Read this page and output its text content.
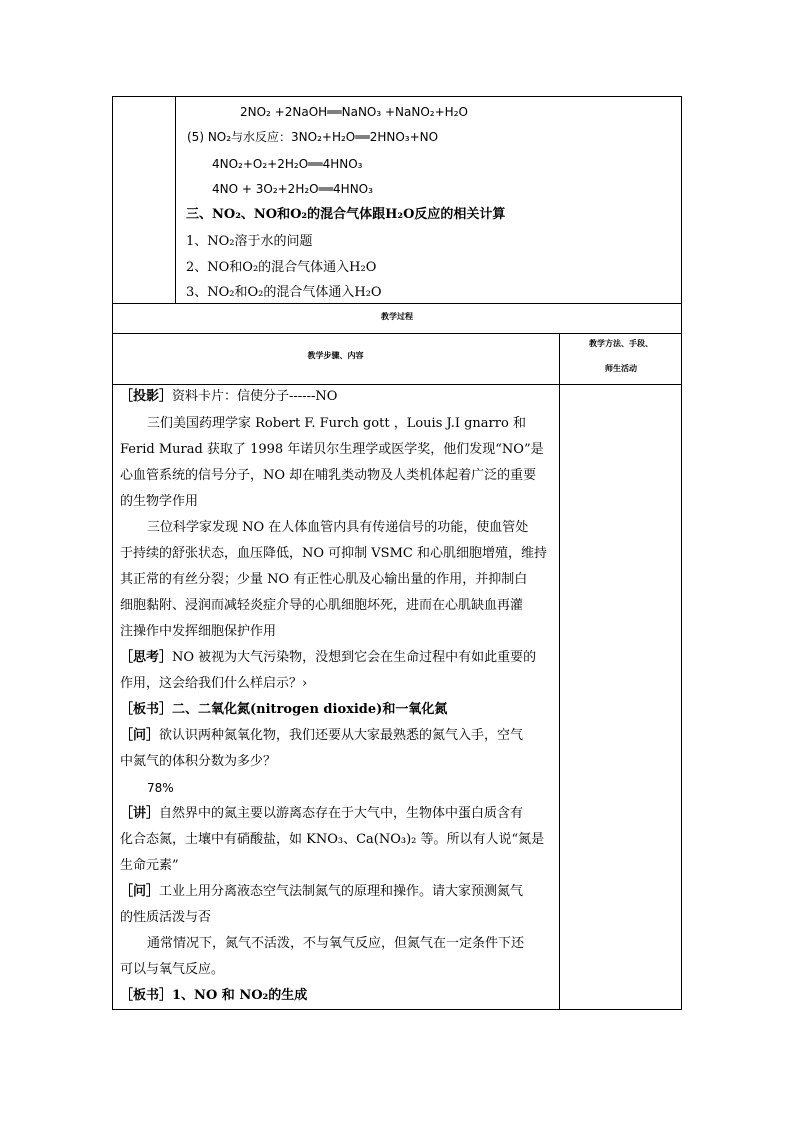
2NO₂ +2NaOH══NaNO₃ +NaNO₂+H₂O
(5) NO₂与水反应：3NO₂+H₂O══2HNO₃+NO
4NO₂+O₂+2H₂O══4HNO₃
4NO + 3O₂+2H₂O══4HNO₃
三、NO₂、NO和O₂的混合气体跟H₂O反应的相关计算
1、NO₂溶于水的问题
2、NO和O₂的混合气体通入H₂O
3、NO₂和O₂的混合气体通入H₂O
教学过程
教学步骤、内容
教学方法、手段、
师生活动
［投影］资料卡片：信使分子------NO
三们美国药理学家 Robert F. Furch gott ，Louis J.I gnarro 和
Ferid Murad 获取了 1998 年诺贝尔生理学或医学奖，他们发现“NO”是
心血管系统的信号分子，NO 却在哺乳类动物及人类机体起着广泛的重要
的生物学作用
三位科学家发现 NO 在人体血管内具有传递信号的功能，使血管处
于持续的舒张状态，血压降低，NO 可抑制 VSMC 和心肌细胞增殖，维持
其正常的有丝分裂；少量 NO 有正性心肌及心输出量的作用，并抑制白
细胞黏附、浸润而减轻炎症介导的心肌细胞坏死，进而在心肌缺血再灌
注操作中发挥细胞保护作用
［思考］NO 被视为大气污染物，没想到它会在生命过程中有如此重要的
作用，这会给我们什么样启示？›
［板书］二、二氧化氮(nitrogen dioxide)和一氧化氮
［问］欲认识两种氮氧化物，我们还要从大家最熟悉的氮气入手，空气
中氮气的体积分数为多少？
78%
［讲］自然界中的氮主要以游离态存在于大气中，生物体中蛋白质含有
化合态氮，土壤中有硝酸盐，如 KNO₃、Ca(NO₃)₂ 等。所以有人说“氮是
生命元素”
［问］工业上用分离液态空气法制氮气的原理和操作。请大家预测氮气
的性质活泼与否
通常情况下，氮气不活泼，不与氧气反应，但氮气在一定条件下还
可以与氧气反应。
［板书］1、NO 和 NO₂的生成
